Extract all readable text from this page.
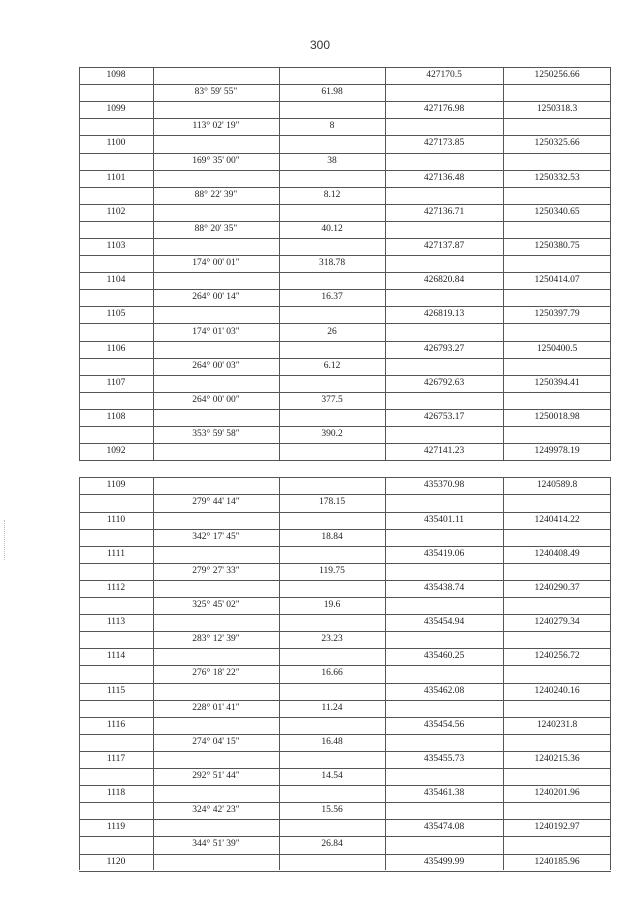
300
1098	427170.5	1250256.66
83° 59' 55"	61.98
1099	427176.98	1250318.3
113° 02' 19"	8
1100	427173.85	1250325.66
169° 35' 00"	38
1101	427136.48	1250332.53
88° 22' 39"	8.12
1102	427136.71	1250340.65
88° 20' 35"	40.12
1103	427137.87	1250380.75
174° 00' 01"	318.78
1104	426820.84	1250414.07
264° 00' 14"	16.37
1105	426819.13	1250397.79
174° 01' 03"	26
1106	426793.27	1250400.5
264° 00' 03"	6.12
1107	426792.63	1250394.41
264° 00' 00"	377.5
1108	426753.17	1250018.98
353° 59' 58"	390.2
1092	427141.23	1249978.19
1109	435370.98	1240589.8
279° 44' 14"	178.15
1110	435401.11	1240414.22
342° 17' 45"	18.84
1111	435419.06	1240408.49
279° 27' 33"	119.75
1112	435438.74	1240290.37
325° 45' 02"	19.6
1113	435454.94	1240279.34
283° 12' 39"	23.23
1114	435460.25	1240256.72
276° 18' 22"	16.66
1115	435462.08	1240240.16
228° 01' 41"	11.24
1116	435454.56	1240231.8
274° 04' 15"	16.48
1117	435455.73	1240215.36
292° 51' 44"	14.54
1118	435461.38	1240201.96
324° 42' 23"	15.56
1119	435474.08	1240192.97
344° 51' 39"	26.84
1120	435499.99	1240185.96
